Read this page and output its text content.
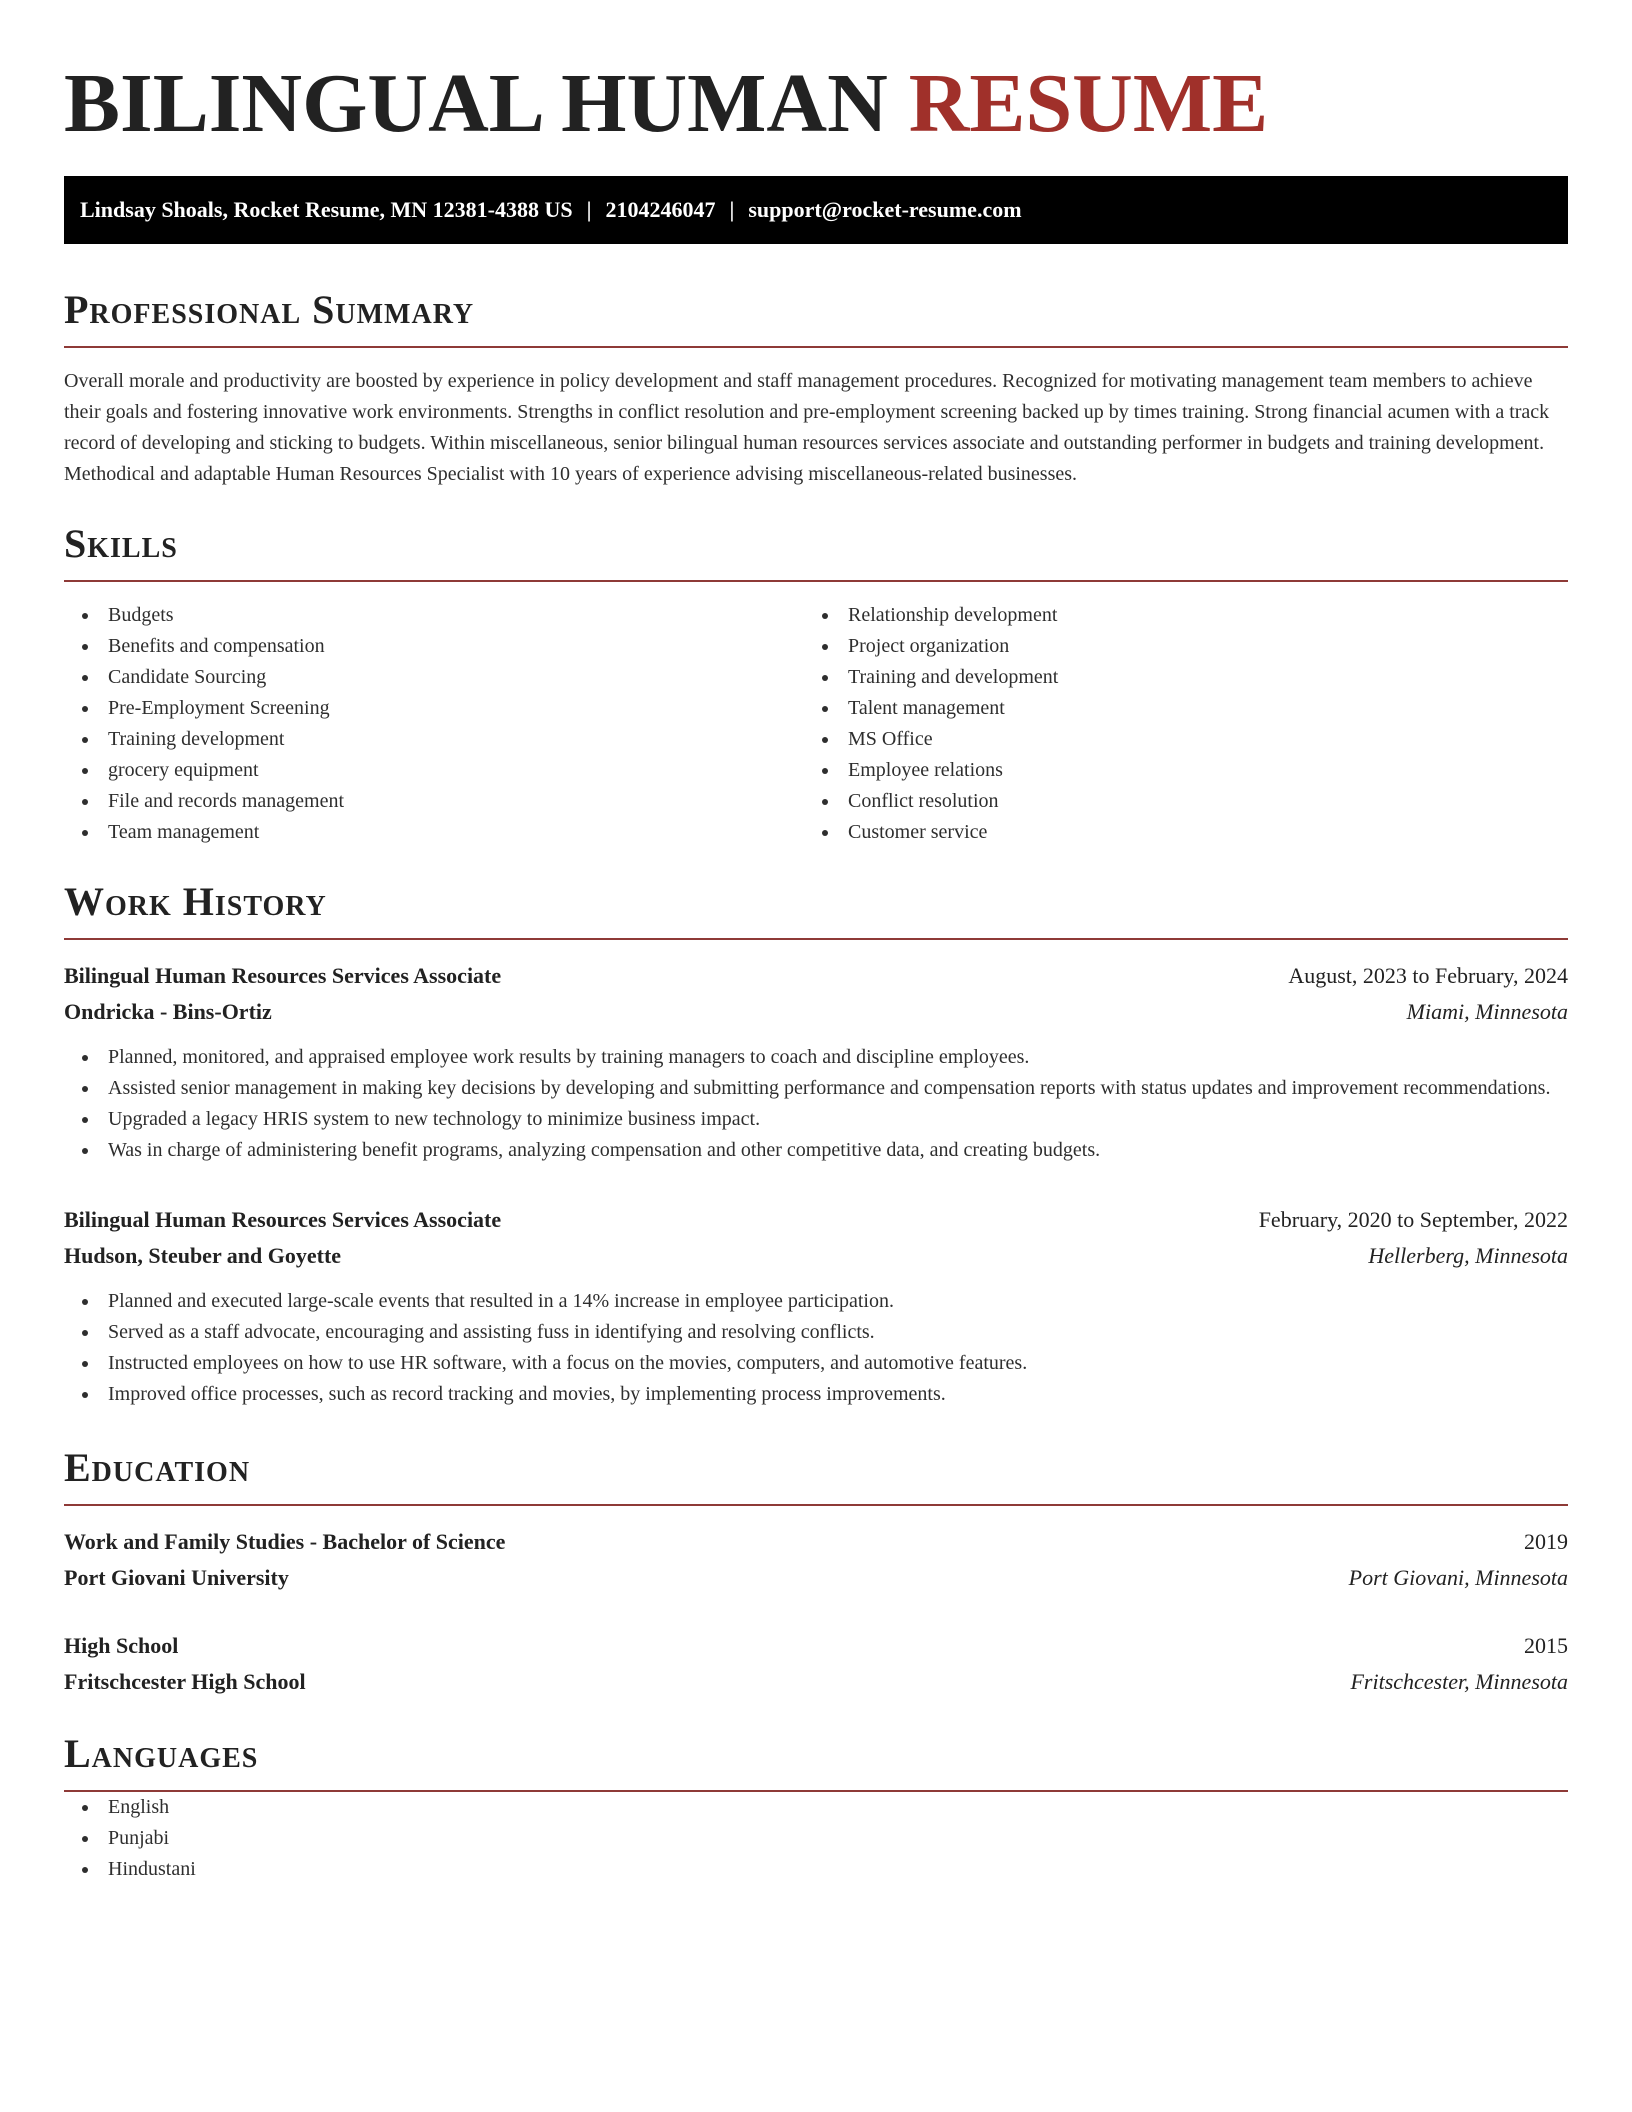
BILINGUAL HUMAN RESUME
Lindsay Shoals, Rocket Resume, MN 12381-4388 US | 2104246047 | support@rocket-resume.com
Professional Summary

Overall morale and productivity are boosted by experience in policy development and staff management procedures. Recognized for motivating management team members to achieve their goals and fostering innovative work environments. Strengths in conflict resolution and pre-employment screening backed up by times training. Strong financial acumen with a track record of developing and sticking to budgets. Within miscellaneous, senior bilingual human resources services associate and outstanding performer in budgets and training development. Methodical and adaptable Human Resources Specialist with 10 years of experience advising miscellaneous-related businesses.

Skills
Budgets
Benefits and compensation
Candidate Sourcing
Pre-Employment Screening
Training development
grocery equipment
File and records management
Team management
Relationship development
Project organization
Training and development
Talent management
MS Office
Employee relations
Conflict resolution
Customer service
Work History
Bilingual Human Resources Services Associate	August, 2023 to February, 2024
Ondricka - Bins-Ortiz	Miami, Minnesota
Planned, monitored, and appraised employee work results by training managers to coach and discipline employees.
Assisted senior management in making key decisions by developing and submitting performance and compensation reports with status updates and improvement recommendations.
Upgraded a legacy HRIS system to new technology to minimize business impact.
Was in charge of administering benefit programs, analyzing compensation and other competitive data, and creating budgets.
Bilingual Human Resources Services Associate	February, 2020 to September, 2022
Hudson, Steuber and Goyette	Hellerberg, Minnesota
Planned and executed large-scale events that resulted in a 14% increase in employee participation.
Served as a staff advocate, encouraging and assisting fuss in identifying and resolving conflicts.
Instructed employees on how to use HR software, with a focus on the movies, computers, and automotive features.
Improved office processes, such as record tracking and movies, by implementing process improvements.
Education
Work and Family Studies - Bachelor of Science	2019
Port Giovani University	Port Giovani, Minnesota
High School	2015
Fritschcester High School	Fritschcester, Minnesota
Languages
English
Punjabi
Hindustani
